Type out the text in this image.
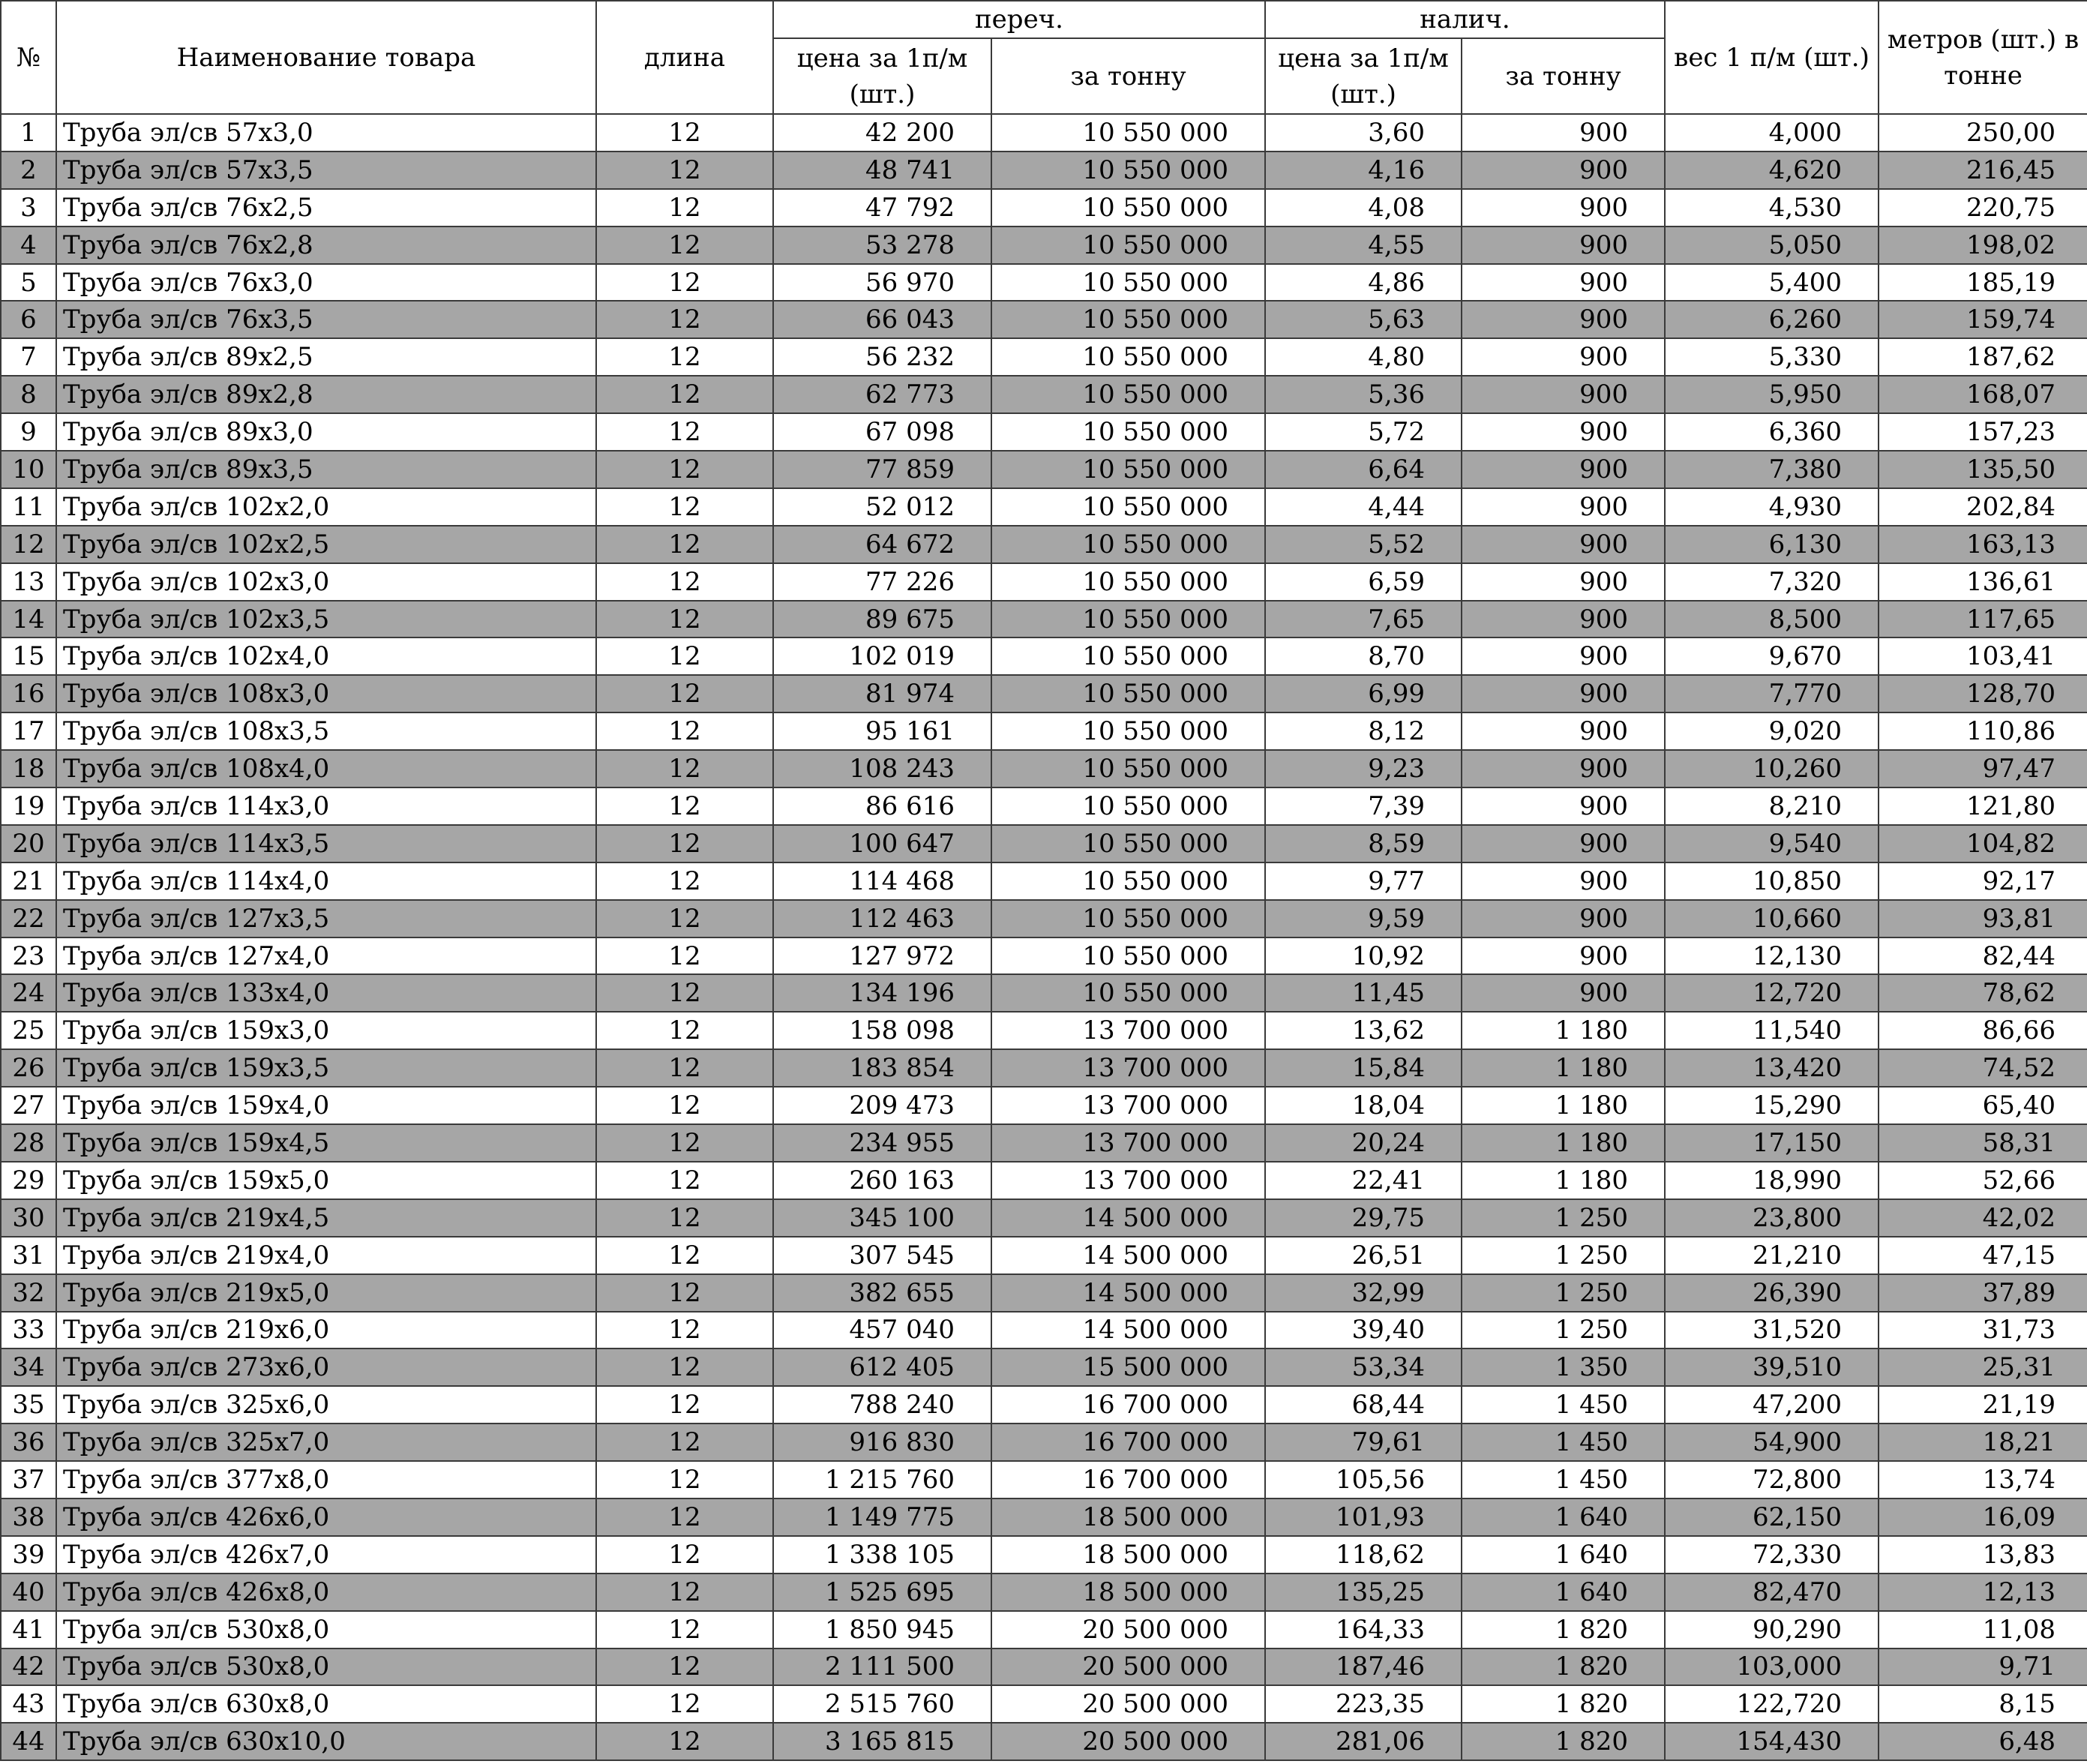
№	Наименование товара	длина	переч.		налич.		вес 1 п/м (шт.)	метров (шт.) в тонне
			цена за 1п/м (шт.)	за тонну	цена за 1п/м (шт.)	за тонну		
1	Труба эл/св 57х3,0	12	42 200	10 550 000	3,60	900	4,000	250,00
2	Труба эл/св 57х3,5	12	48 741	10 550 000	4,16	900	4,620	216,45
3	Труба эл/св 76х2,5	12	47 792	10 550 000	4,08	900	4,530	220,75
4	Труба эл/св 76х2,8	12	53 278	10 550 000	4,55	900	5,050	198,02
5	Труба эл/св 76х3,0	12	56 970	10 550 000	4,86	900	5,400	185,19
6	Труба эл/св 76х3,5	12	66 043	10 550 000	5,63	900	6,260	159,74
7	Труба эл/св 89х2,5	12	56 232	10 550 000	4,80	900	5,330	187,62
8	Труба эл/св 89х2,8	12	62 773	10 550 000	5,36	900	5,950	168,07
9	Труба эл/св 89х3,0	12	67 098	10 550 000	5,72	900	6,360	157,23
10	Труба эл/св 89х3,5	12	77 859	10 550 000	6,64	900	7,380	135,50
11	Труба эл/св 102х2,0	12	52 012	10 550 000	4,44	900	4,930	202,84
12	Труба эл/св 102х2,5	12	64 672	10 550 000	5,52	900	6,130	163,13
13	Труба эл/св 102х3,0	12	77 226	10 550 000	6,59	900	7,320	136,61
14	Труба эл/св 102х3,5	12	89 675	10 550 000	7,65	900	8,500	117,65
15	Труба эл/св 102х4,0	12	102 019	10 550 000	8,70	900	9,670	103,41
16	Труба эл/св 108х3,0	12	81 974	10 550 000	6,99	900	7,770	128,70
17	Труба эл/св 108х3,5	12	95 161	10 550 000	8,12	900	9,020	110,86
18	Труба эл/св 108х4,0	12	108 243	10 550 000	9,23	900	10,260	97,47
19	Труба эл/св 114х3,0	12	86 616	10 550 000	7,39	900	8,210	121,80
20	Труба эл/св 114х3,5	12	100 647	10 550 000	8,59	900	9,540	104,82
21	Труба эл/св 114х4,0	12	114 468	10 550 000	9,77	900	10,850	92,17
22	Труба эл/св 127х3,5	12	112 463	10 550 000	9,59	900	10,660	93,81
23	Труба эл/св 127х4,0	12	127 972	10 550 000	10,92	900	12,130	82,44
24	Труба эл/св 133х4,0	12	134 196	10 550 000	11,45	900	12,720	78,62
25	Труба эл/св 159х3,0	12	158 098	13 700 000	13,62	1 180	11,540	86,66
26	Труба эл/св 159х3,5	12	183 854	13 700 000	15,84	1 180	13,420	74,52
27	Труба эл/св 159х4,0	12	209 473	13 700 000	18,04	1 180	15,290	65,40
28	Труба эл/св 159х4,5	12	234 955	13 700 000	20,24	1 180	17,150	58,31
29	Труба эл/св 159х5,0	12	260 163	13 700 000	22,41	1 180	18,990	52,66
30	Труба эл/св 219х4,5	12	345 100	14 500 000	29,75	1 250	23,800	42,02
31	Труба эл/св 219х4,0	12	307 545	14 500 000	26,51	1 250	21,210	47,15
32	Труба эл/св 219х5,0	12	382 655	14 500 000	32,99	1 250	26,390	37,89
33	Труба эл/св 219х6,0	12	457 040	14 500 000	39,40	1 250	31,520	31,73
34	Труба эл/св 273х6,0	12	612 405	15 500 000	53,34	1 350	39,510	25,31
35	Труба эл/св 325х6,0	12	788 240	16 700 000	68,44	1 450	47,200	21,19
36	Труба эл/св 325х7,0	12	916 830	16 700 000	79,61	1 450	54,900	18,21
37	Труба эл/св 377х8,0	12	1 215 760	16 700 000	105,56	1 450	72,800	13,74
38	Труба эл/св 426х6,0	12	1 149 775	18 500 000	101,93	1 640	62,150	16,09
39	Труба эл/св 426х7,0	12	1 338 105	18 500 000	118,62	1 640	72,330	13,83
40	Труба эл/св 426х8,0	12	1 525 695	18 500 000	135,25	1 640	82,470	12,13
41	Труба эл/св 530х8,0	12	1 850 945	20 500 000	164,33	1 820	90,290	11,08
42	Труба эл/св 530х8,0	12	2 111 500	20 500 000	187,46	1 820	103,000	9,71
43	Труба эл/св 630х8,0	12	2 515 760	20 500 000	223,35	1 820	122,720	8,15
44	Труба эл/св 630х10,0	12	3 165 815	20 500 000	281,06	1 820	154,430	6,48
